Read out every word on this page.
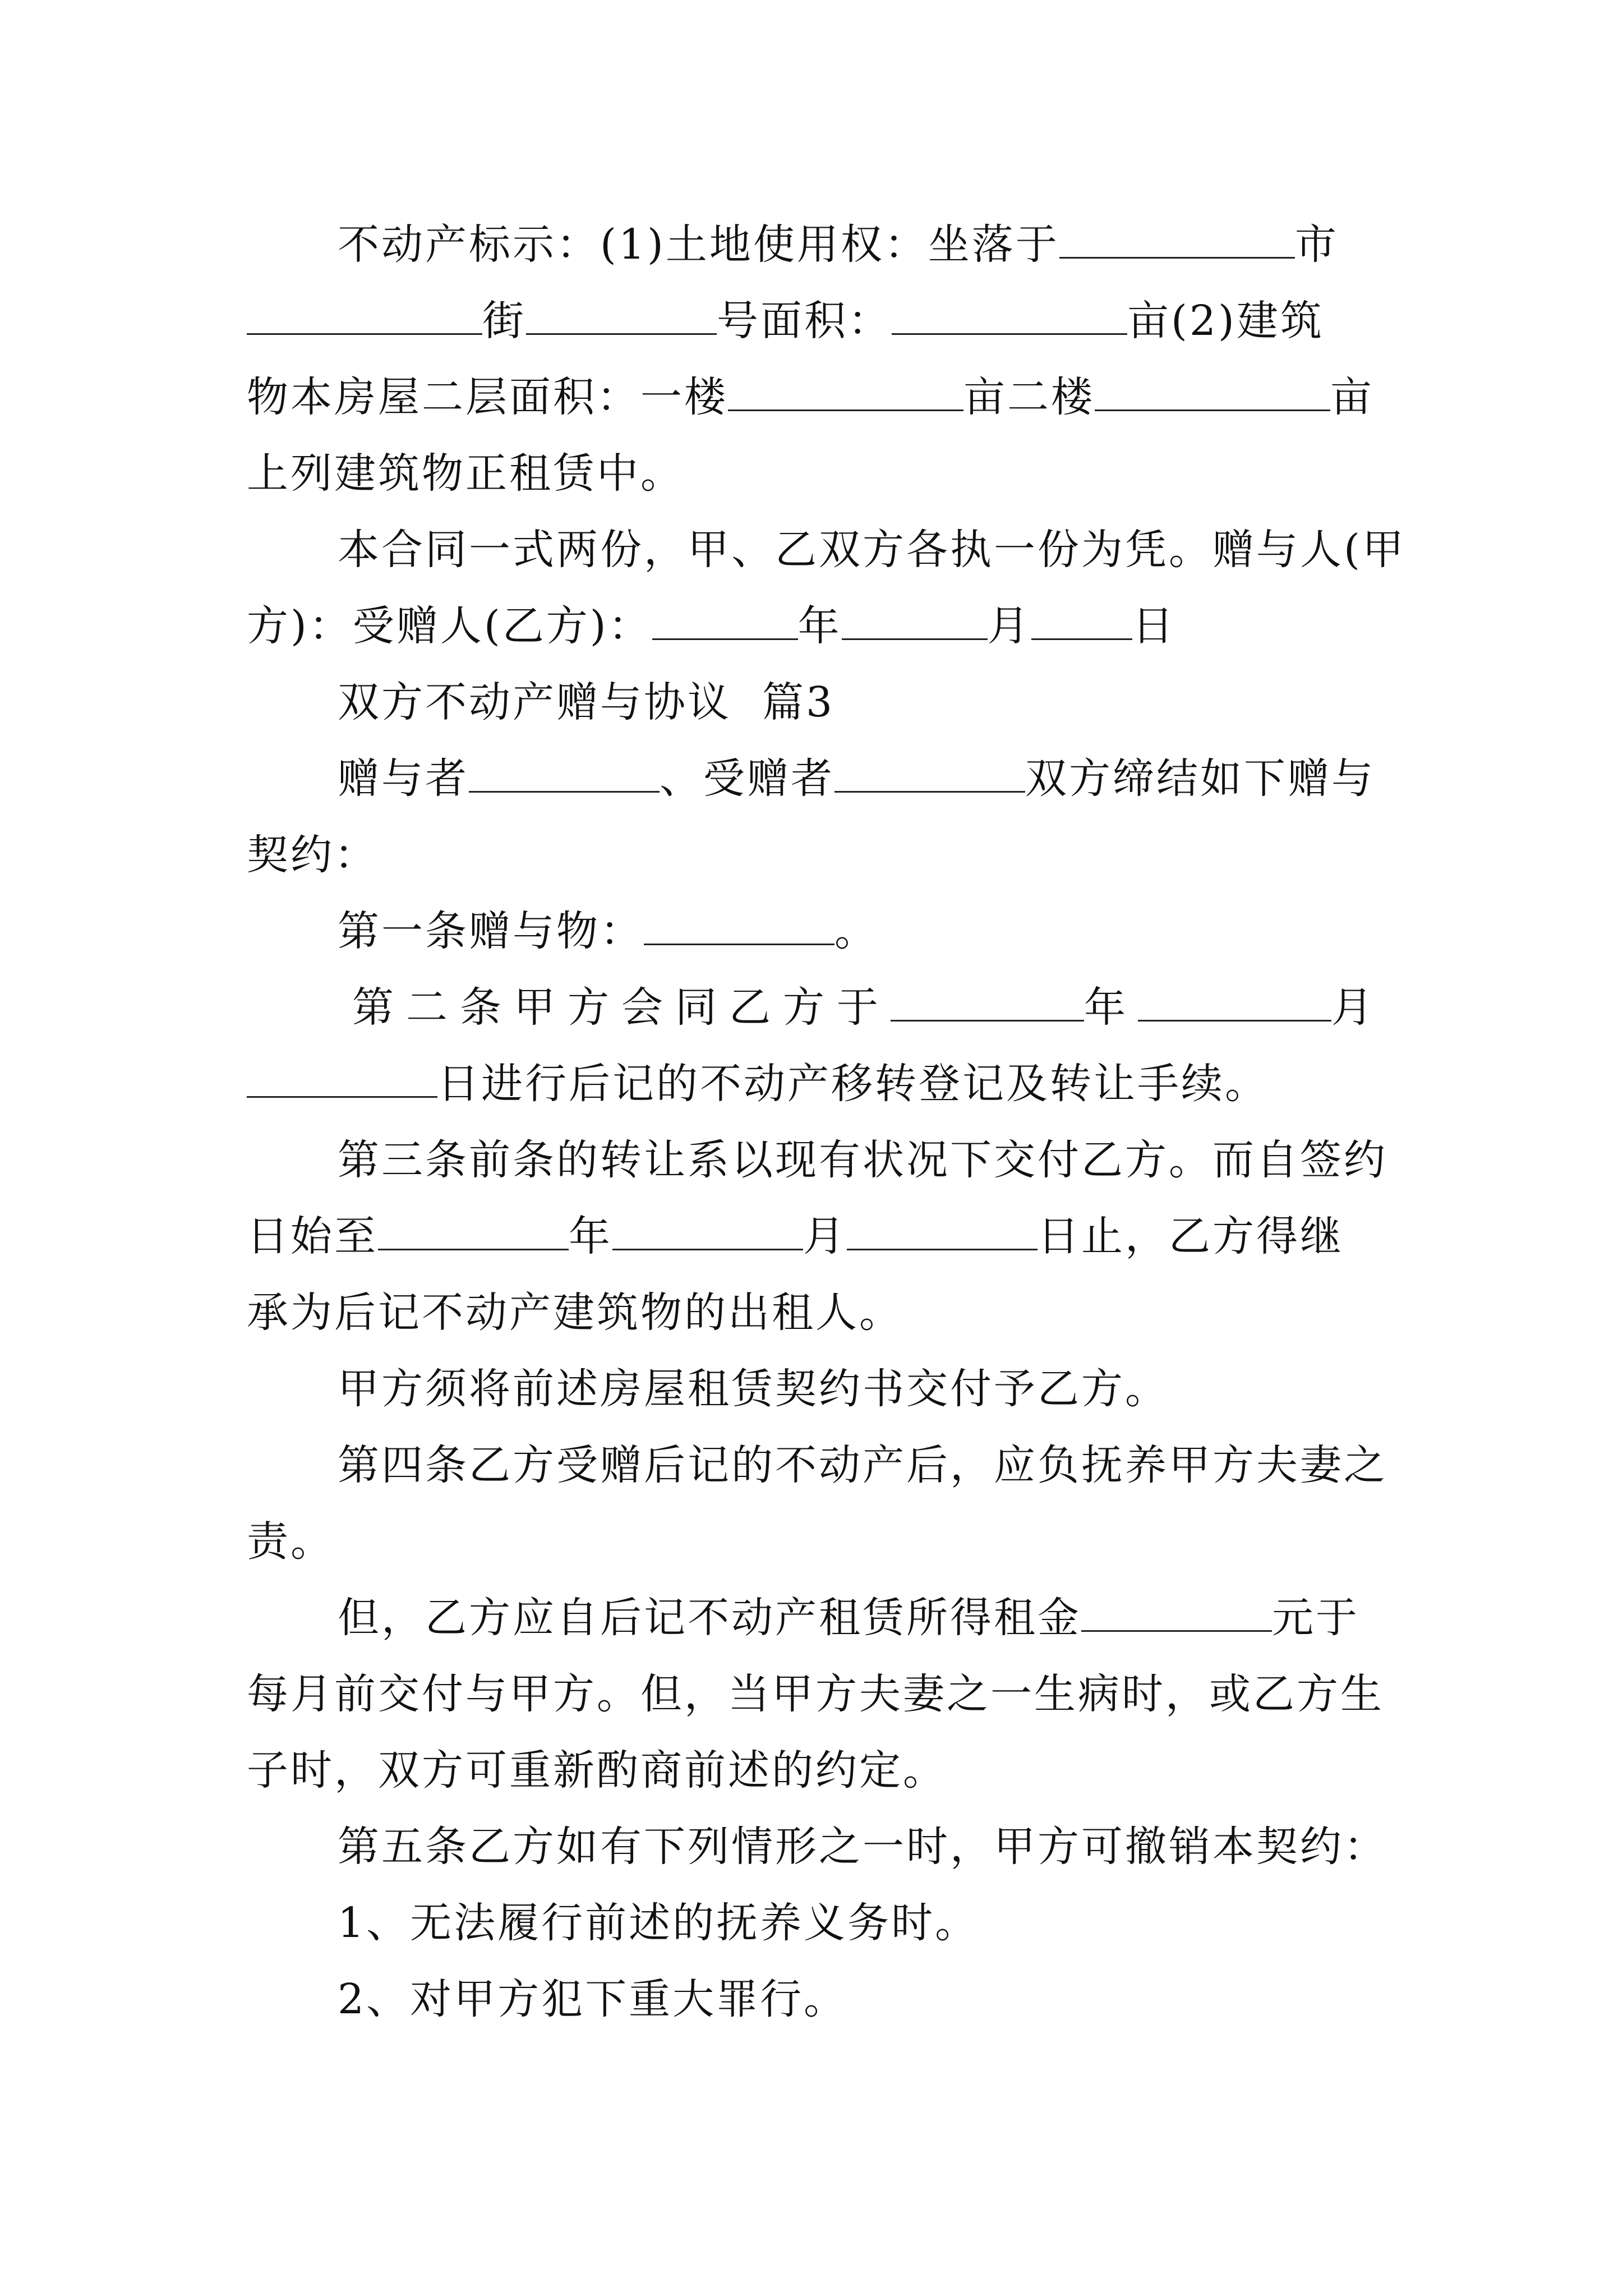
不动产标示：(1)土地使用权：坐落于	市
街	号面积：	亩(2)建筑
物本房屋二层面积：一楼	亩二楼	亩
上列建筑物正租赁中。
本合同一式两份，甲、乙双方各执一份为凭。赠与人(甲
方)：受赠人(乙方)：	年	月 日
双方不动产赠与协议  篇3
赠与者	、受赠者	双方缔结如下赠与
契约：
第一条赠与物：	。
第二条甲方会同乙方于	年	月
日进行后记的不动产移转登记及转让手续。
第三条前条的转让系以现有状况下交付乙方。而自签约
日始至	年	月	日止，乙方得继
承为后记不动产建筑物的出租人。
甲方须将前述房屋租赁契约书交付予乙方。
第四条乙方受赠后记的不动产后，应负抚养甲方夫妻之
责。
但，乙方应自后记不动产租赁所得租金	元于
每月前交付与甲方。但，当甲方夫妻之一生病时，或乙方生
子时，双方可重新酌商前述的约定。
第五条乙方如有下列情形之一时，甲方可撤销本契约：
1、无法履行前述的抚养义务时。
2、对甲方犯下重大罪行。
